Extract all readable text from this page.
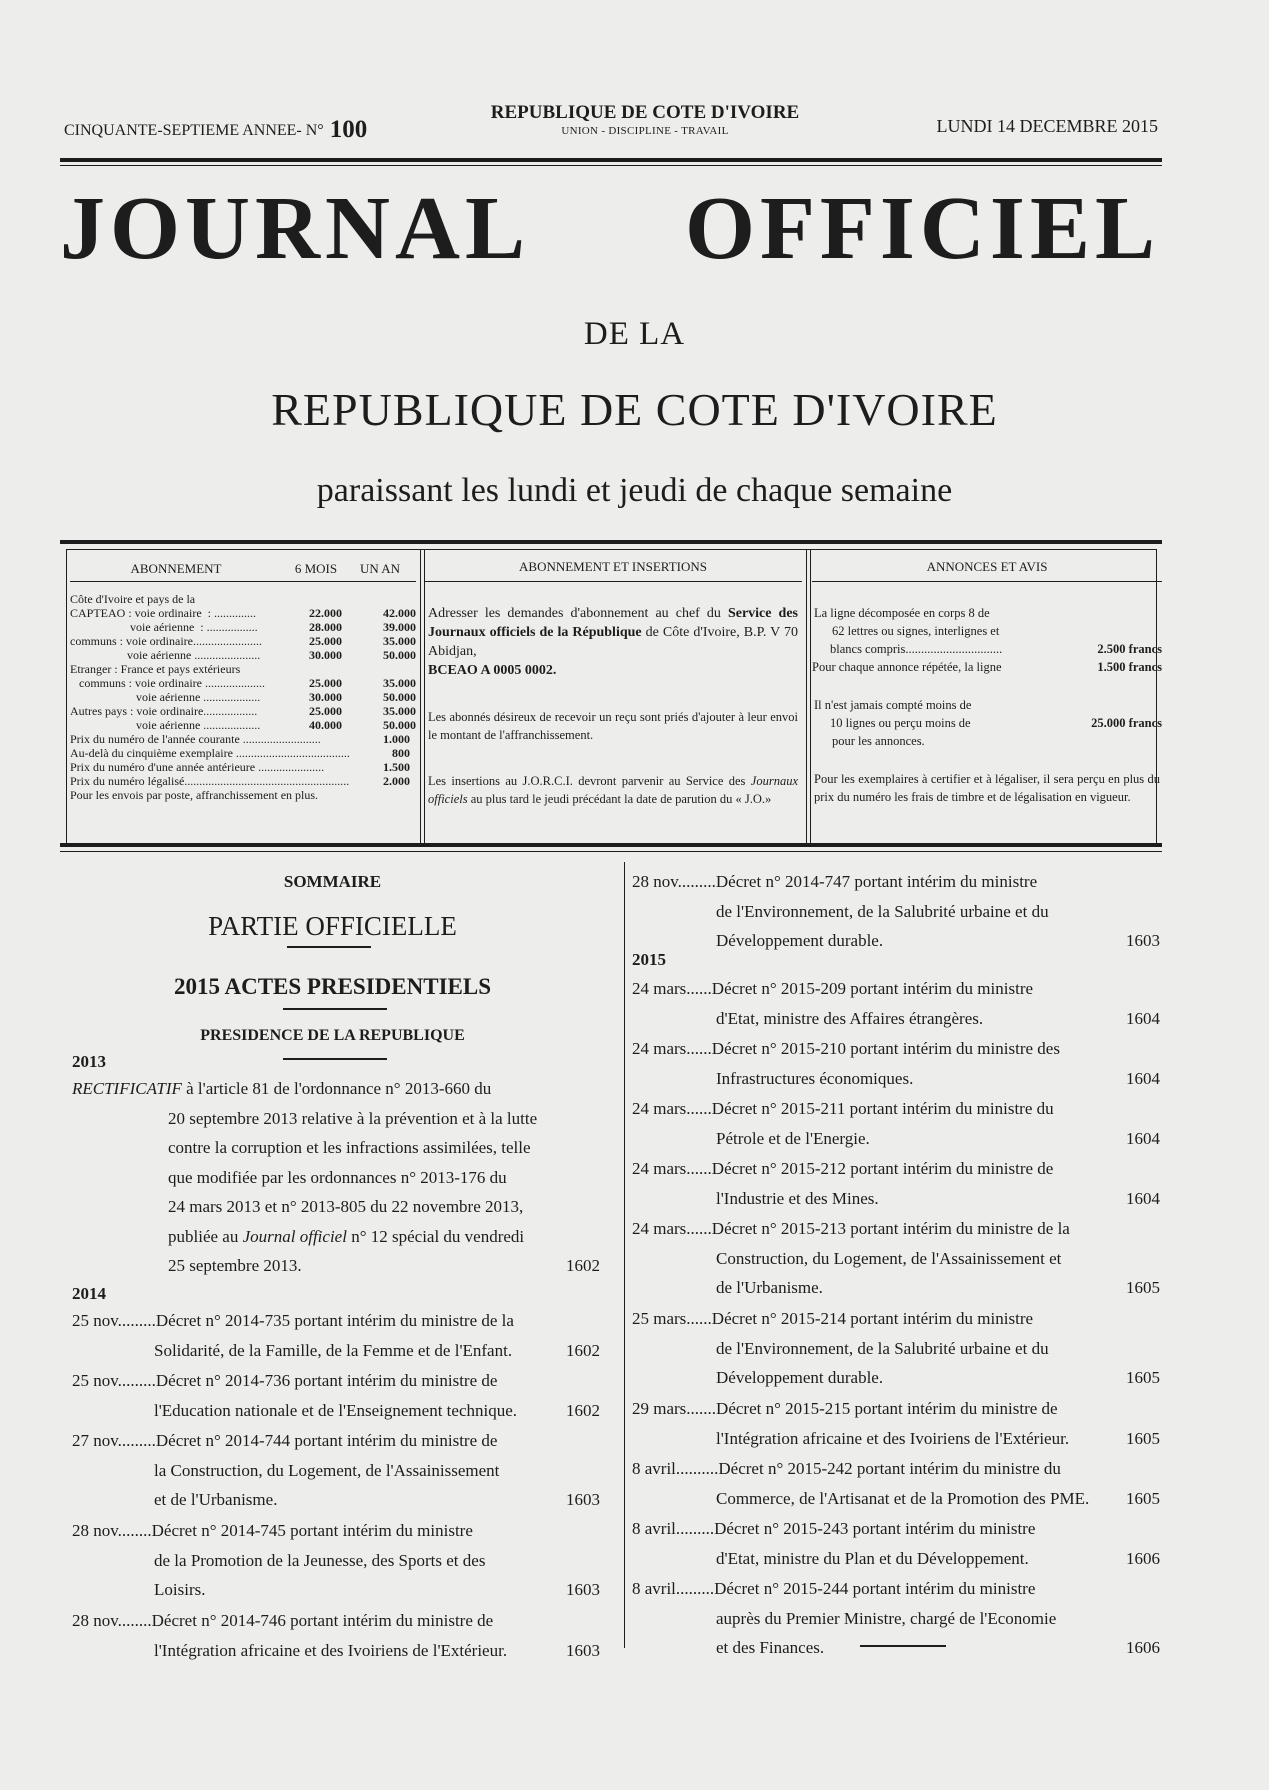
CINQUANTE-SEPTIEME ANNEE- N° 100
REPUBLIQUE DE COTE D'IVOIRE
UNION - DISCIPLINE - TRAVAIL	LUNDI 14 DECEMBRE 2015
JOURNAL OFFICIEL
DE LA
REPUBLIQUE DE COTE D'IVOIRE
paraissant les lundi et jeudi de chaque semaine
ABONNEMENT	6 MOIS	UN AN
Côte d'Ivoire et pays de la
CAPTEAO : voie ordinaire  : ..............	22.000	42.000
voie aérienne  : .................	28.000	39.000
communs : voie ordinaire.......................	25.000	35.000
voie aérienne ......................	30.000	50.000
Etranger : France et pays extérieurs
communs : voie ordinaire ....................	25.000	35.000
voie aérienne ...................	30.000	50.000
Autres pays : voie ordinaire..................	25.000	35.000
voie aérienne ...................	40.000	50.000
Prix du numéro de l'année courante ..........................	1.000
Au-delà du cinquième exemplaire ......................................	800
Prix du numéro d'une année antérieure ......................	1.500
Prix du numéro légalisé.......................................................	2.000
Pour les envois par poste, affranchissement en plus.
ABONNEMENT ET INSERTIONS
Adresser les demandes d'abonnement au chef du Service des Journaux officiels de la République de Côte d'Ivoire, B.P. V 70 Abidjan,
BCEAO A 0005 0002.
Les abonnés désireux de recevoir un reçu sont priés d'ajouter à leur envoi le montant de l'affranchissement.
Les insertions au J.O.R.C.I. devront parvenir au Service des Journaux officiels au plus tard le jeudi précédant la date de parution du « J.O.»
ANNONCES ET AVIS
La ligne décomposée en corps 8 de
62 lettres ou signes, interlignes et
blancs compris...............................	2.500 francs
Pour chaque annonce répétée, la ligne	1.500 francs
Il n'est jamais compté moins de
10 lignes ou perçu moins de	25.000 francs
pour les annonces.
Pour les exemplaires à certifier et à légaliser, il sera perçu en plus du prix du numéro les frais de timbre et de légalisation en vigueur.
SOMMAIRE
PARTIE OFFICIELLE
2015 ACTES PRESIDENTIELS
PRESIDENCE DE LA REPUBLIQUE
2013
RECTIFICATIF à l'article 81 de l'ordonnance n° 2013-660 du
20 septembre 2013 relative à la prévention et à la lutte
contre la corruption et les infractions assimilées, telle
que modifiée par les ordonnances n° 2013-176 du
24 mars 2013 et n° 2013-805 du 22 novembre 2013,
publiée au Journal officiel n° 12 spécial du vendredi
25 septembre 2013.	1602
2014
2015
25 nov.........Décret n° 2014-735 portant intérim du ministre de la
Solidarité, de la Famille, de la Femme et de l'Enfant.	1602
25 nov.........Décret n° 2014-736 portant intérim du ministre de
l'Education nationale et de l'Enseignement technique.	1602
27 nov.........Décret n° 2014-744 portant intérim du ministre de
la Construction, du Logement, de l'Assainissement
et de l'Urbanisme.	1603
28 nov........Décret n° 2014-745 portant intérim du ministre
de la Promotion de la Jeunesse, des Sports et des
Loisirs.	1603
28 nov........Décret n° 2014-746 portant intérim du ministre de
l'Intégration africaine et des Ivoiriens de l'Extérieur.	1603
28 nov.........Décret n° 2014-747 portant intérim du ministre
de l'Environnement, de la Salubrité urbaine et du
Développement durable.	1603
24 mars......Décret n° 2015-209 portant intérim du ministre
d'Etat, ministre des Affaires étrangères.	1604
24 mars......Décret n° 2015-210 portant intérim du ministre des
Infrastructures économiques.	1604
24 mars......Décret n° 2015-211 portant intérim du ministre du
Pétrole et de l'Energie.	1604
24 mars......Décret n° 2015-212 portant intérim du ministre de
l'Industrie et des Mines.	1604
24 mars......Décret n° 2015-213 portant intérim du ministre de la
Construction, du Logement, de l'Assainissement et
de l'Urbanisme.	1605
25 mars......Décret n° 2015-214 portant intérim du ministre
de l'Environnement, de la Salubrité urbaine et du
Développement durable.	1605
29 mars.......Décret n° 2015-215 portant intérim du ministre de
l'Intégration africaine et des Ivoiriens de l'Extérieur.	1605
8 avril..........Décret n° 2015-242 portant intérim du ministre du
Commerce, de l'Artisanat et de la Promotion des PME. 1605
8 avril.........Décret n° 2015-243 portant intérim du ministre
d'Etat, ministre du Plan et du Développement.	1606
8 avril.........Décret n° 2015-244 portant intérim du ministre
auprès du Premier Ministre, chargé de l'Economie
et des Finances.	1606
